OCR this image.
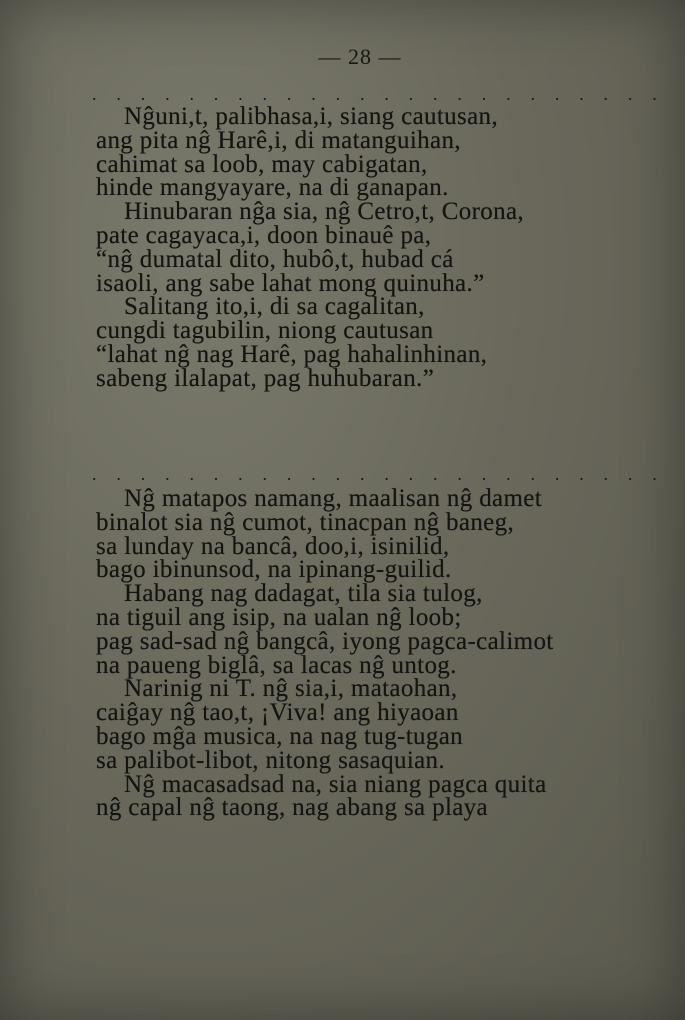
— 28 —
. . . . . . . . . . . . . . . . . . . . . . . .
Nĝuni,t, palibhasa,i, siang cautusan,
ang pita nĝ Harê,i, di matanguihan,
cahimat sa loob, may cabigatan,
hinde mangyayare, na di ganapan.
Hinubaran nĝa sia, nĝ Cetro,t, Corona,
pate cagayaca,i, doon binauê pa,
“nĝ dumatal dito, hubô,t, hubad cá
isaoli, ang sabe lahat mong quinuha.”
Salitang ito,i, di sa cagalitan,
cungdi tagubilin, niong cautusan
“lahat nĝ nag Harê, pag hahalinhinan,
sabeng ilalapat, pag huhubaran.”
. . . . . . . . . . . . . . . . . . . . . . . .
Nĝ matapos namang, maalisan nĝ damet
binalot sia nĝ cumot, tinacpan nĝ baneg,
sa lunday na bancâ, doo,i, isinilid,
bago ibinunsod, na ipinang-guilid.
Habang nag dadagat, tila sia tulog,
na tiguil ang isip, na ualan nĝ loob;
pag sad-sad nĝ bangcâ, iyong pagca-calimot
na paueng biglâ, sa lacas nĝ untog.
Narinig ni T. nĝ sia,i, mataohan,
caiĝay nĝ tao,t, ¡Viva! ang hiyaoan
bago mĝa musica, na nag tug-tugan
sa palibot-libot, nitong sasaquian.
Nĝ macasadsad na, sia niang pagca quita
nĝ capal nĝ taong, nag abang sa playa
